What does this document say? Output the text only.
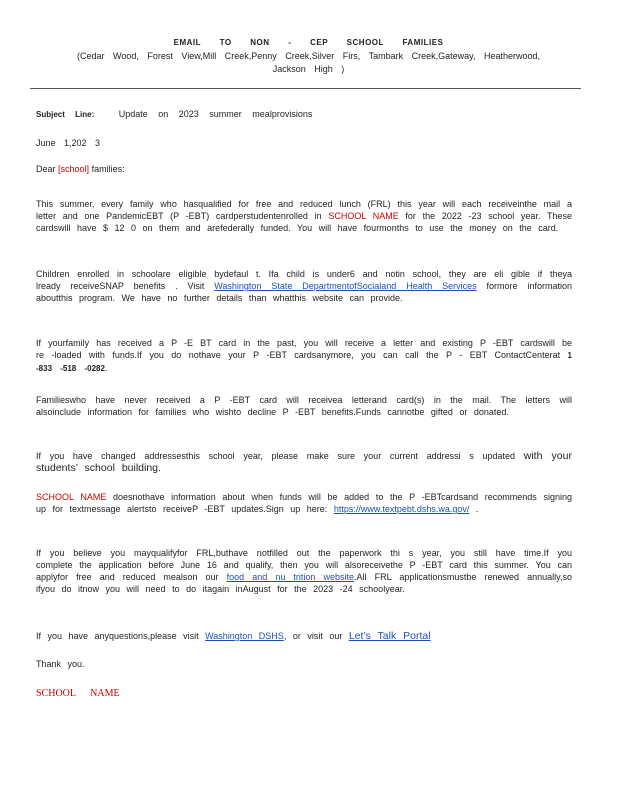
EMAIL TO NON - CEP SCHOOL FAMILIES
(Cedar Wood, Forest View,Mill Creek,Penny Creek,Silver Firs, Tambark Creek,Gateway, Heatherwood, Jackson High )
Subject Line:	Update on 2023 summer mealprovisions
June 1,202 3
Dear [school] families:
This summer, every family who hasqualified for free and reduced lunch (FRL) this year will each receiveinthe mail a letter and one PandemicEBT (P -EBT) cardperstudentenrolled in SCHOOL NAME for the 2022 -23 school year. These cardswill have $ 12 0 on them and arefederally funded. You will have fourmonths to use the money on the card.
Children enrolled in schoolare eligible bydefaul t. Ifa child is under6 and notin school, they are eli gible if theya lready receiveSNAP benefits . Visit Washington State DepartmentofSocialand Health Services formore information aboutthis program. We have no further details than whatthis website can provide.
If yourfamily has received a P -E BT card in the past, you will receive a letter and existing P -EBT cardswill be re -loaded with funds.If you do nothave your P -EBT cardsanymore, you can call the P - EBT ContactCenterat 1 -833 -518 -0282.
Familieswho have never received a P -EBT card will receivea letterand card(s) in the mail. The letters will alsoinclude information for families who wishto decline P -EBT benefits.Funds cannotbe gifted or donated.
If you have changed addressesthis school year, please make sure your current addressi s updated with your students’ school building.
SCHOOL NAME doesnothave information about when funds will be added to the P -EBTcardsand recommends signing up for textmessage alertsto receiveP -EBT updates.Sign up here: https://www.textpebt.dshs.wa.gov/ .
If you believe you mayqualifyfor FRL,buthave notfilled out the paperwork thi s year, you still have time.If you complete the application before June 16 and qualify, then you will alsoreceivethe P -EBT card this summer. You can applyfor free and reduced mealson our food and nu trition website.All FRL applicationsmustbe renewed annually,so ifyou do itnow you will need to do itagain inAugust for the 2023 -24 schoolyear.
If you have anyquestions,please visit Washington DSHS, or visit our Let’s Talk Portal
Thank you.
SCHOOL NAME
